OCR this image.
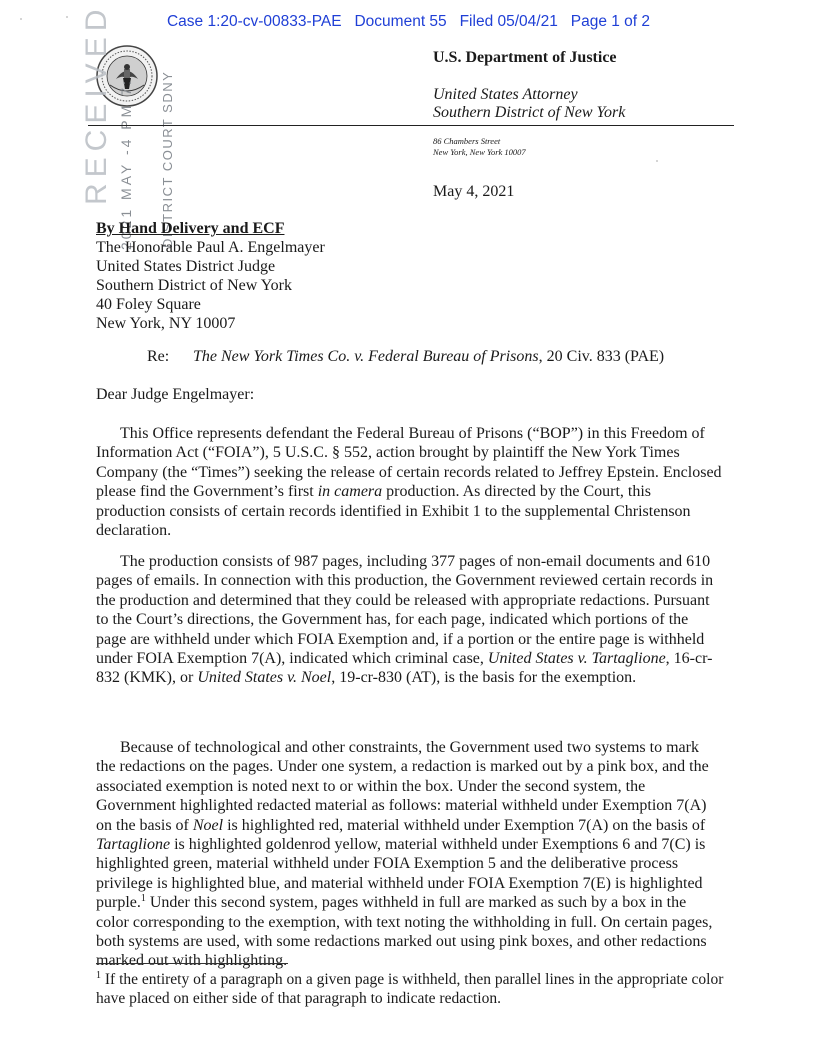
Case 1:20-cv-00833-PAE   Document 55   Filed 05/04/21   Page 1 of 2
RECEIVED 2021 MAY -4 PM 7: DISTRICT COURT SDNY
U.S. Department of Justice
United States Attorney
Southern District of New York
86 Chambers Street
New York, New York 10007
May 4, 2021
By Hand Delivery and ECF
The Honorable Paul A. Engelmayer
United States District Judge
Southern District of New York
40 Foley Square
New York, NY 10007
Re: The New York Times Co. v. Federal Bureau of Prisons, 20 Civ. 833 (PAE)
Dear Judge Engelmayer:

This Office represents defendant the Federal Bureau of Prisons (“BOP”) in this Freedom of Information Act (“FOIA”), 5 U.S.C. § 552, action brought by plaintiff the New York Times Company (the “Times”) seeking the release of certain records related to Jeffrey Epstein. Enclosed please find the Government’s first in camera production. As directed by the Court, this production consists of certain records identified in Exhibit 1 to the supplemental Christenson declaration.

The production consists of 987 pages, including 377 pages of non-email documents and 610 pages of emails. In connection with this production, the Government reviewed certain records in the production and determined that they could be released with appropriate redactions. Pursuant to the Court’s directions, the Government has, for each page, indicated which portions of the page are withheld under which FOIA Exemption and, if a portion or the entire page is withheld under FOIA Exemption 7(A), indicated which criminal case, United States v. Tartaglione, 16-cr-832 (KMK), or United States v. Noel, 19-cr-830 (AT), is the basis for the exemption.

Because of technological and other constraints, the Government used two systems to mark the redactions on the pages. Under one system, a redaction is marked out by a pink box, and the associated exemption is noted next to or within the box. Under the second system, the Government highlighted redacted material as follows: material withheld under Exemption 7(A) on the basis of Noel is highlighted red, material withheld under Exemption 7(A) on the basis of Tartaglione is highlighted goldenrod yellow, material withheld under Exemptions 6 and 7(C) is highlighted green, material withheld under FOIA Exemption 5 and the deliberative process privilege is highlighted blue, and material withheld under FOIA Exemption 7(E) is highlighted purple.$^1$ Under this second system, pages withheld in full are marked as such by a box in the color corresponding to the exemption, with text noting the withholding in full. On certain pages, both systems are used, with some redactions marked out using pink boxes, and other redactions marked out with highlighting.

$^1$ If the entirety of a paragraph on a given page is withheld, then parallel lines in the appropriate color have placed on either side of that paragraph to indicate redaction.
